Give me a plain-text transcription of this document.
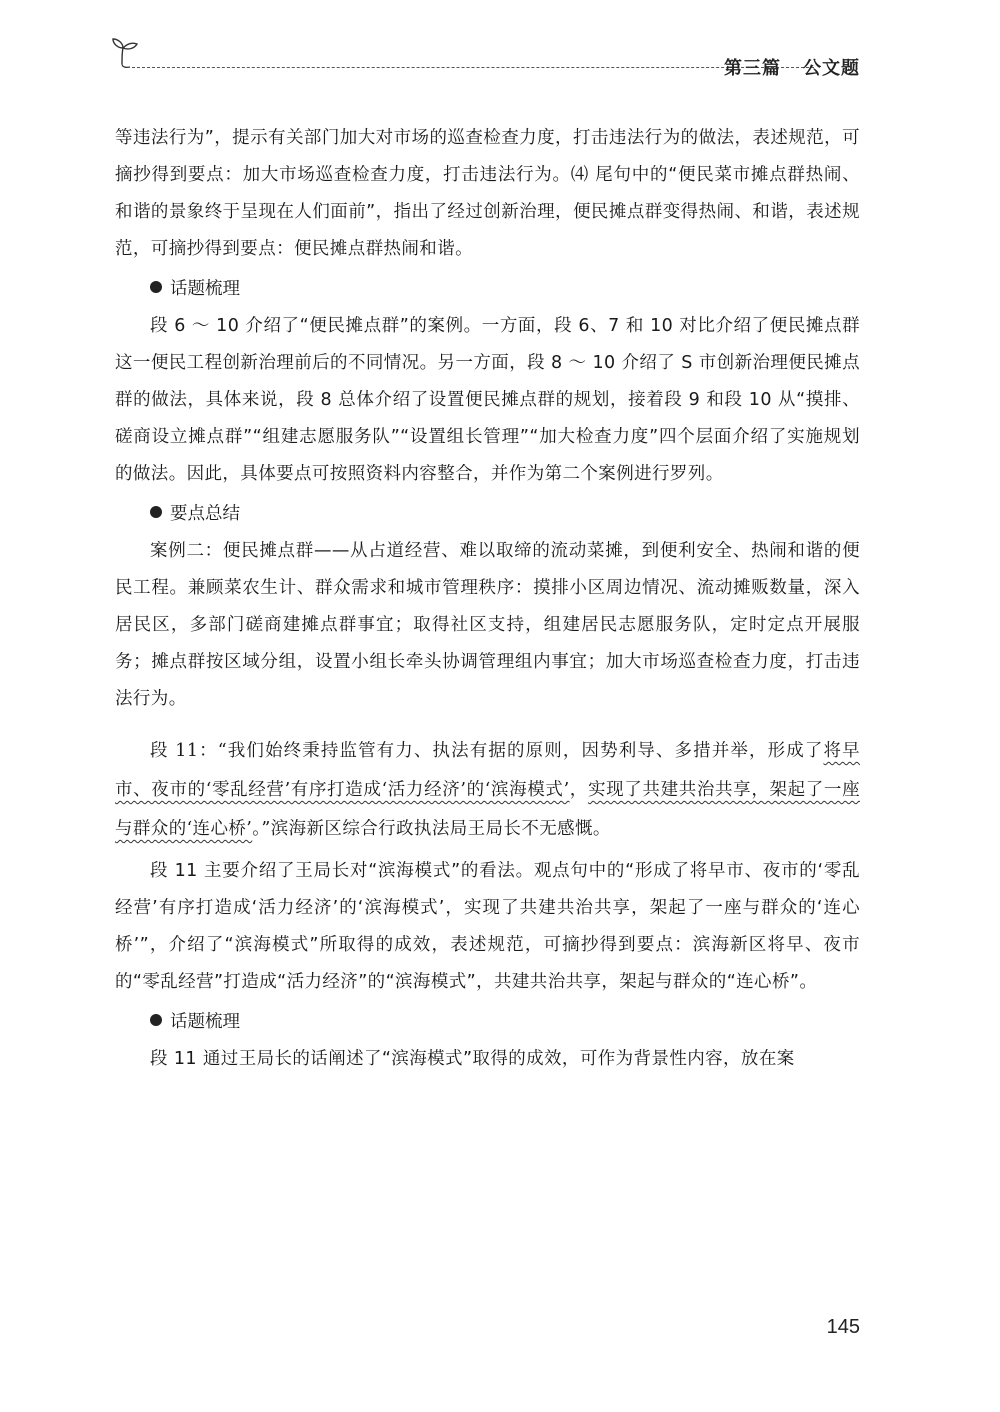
第三篇 公文题

等违法行为”，提示有关部门加大对市场的巡查检查力度，打击违法行为的做法，表述规范，可摘抄得到要点：加大市场巡查检查力度，打击违法行为。⑷ 尾句中的“便民菜市摊点群热闹、和谐的景象终于呈现在人们面前”，指出了经过创新治理，便民摊点群变得热闹、和谐，表述规范，可摘抄得到要点：便民摊点群热闹和谐。

话题梳理

段 6 ～ 10 介绍了“便民摊点群”的案例。一方面，段 6、7 和 10 对比介绍了便民摊点群这一便民工程创新治理前后的不同情况。另一方面，段 8 ～ 10 介绍了 S 市创新治理便民摊点群的做法，具体来说，段 8 总体介绍了设置便民摊点群的规划，接着段 9 和段 10 从“摸排、磋商设立摊点群”“组建志愿服务队”“设置组长管理”“加大检查力度”四个层面介绍了实施规划的做法。因此，具体要点可按照资料内容整合，并作为第二个案例进行罗列。

要点总结

案例二：便民摊点群——从占道经营、难以取缔的流动菜摊，到便利安全、热闹和谐的便民工程。兼顾菜农生计、群众需求和城市管理秩序：摸排小区周边情况、流动摊贩数量，深入居民区，多部门磋商建摊点群事宜；取得社区支持，组建居民志愿服务队，定时定点开展服务；摊点群按区域分组，设置小组长牵头协调管理组内事宜；加大市场巡查检查力度，打击违法行为。

段 11：“我们始终秉持监管有力、执法有据的原则，因势利导、多措并举，形成了将早市、夜市的‘零乱经营’有序打造成‘活力经济’的‘滨海模式’，实现了共建共治共享，架起了一座与群众的‘连心桥’。”滨海新区综合行政执法局王局长不无感慨。

段 11 主要介绍了王局长对“滨海模式”的看法。观点句中的“形成了将早市、夜市的‘零乱经营’有序打造成‘活力经济’的‘滨海模式’，实现了共建共治共享，架起了一座与群众的‘连心桥’”，介绍了“滨海模式”所取得的成效，表述规范，可摘抄得到要点：滨海新区将早、夜市的“零乱经营”打造成“活力经济”的“滨海模式”，共建共治共享，架起与群众的“连心桥”。

话题梳理

段 11 通过王局长的话阐述了“滨海模式”取得的成效，可作为背景性内容，放在案

145
